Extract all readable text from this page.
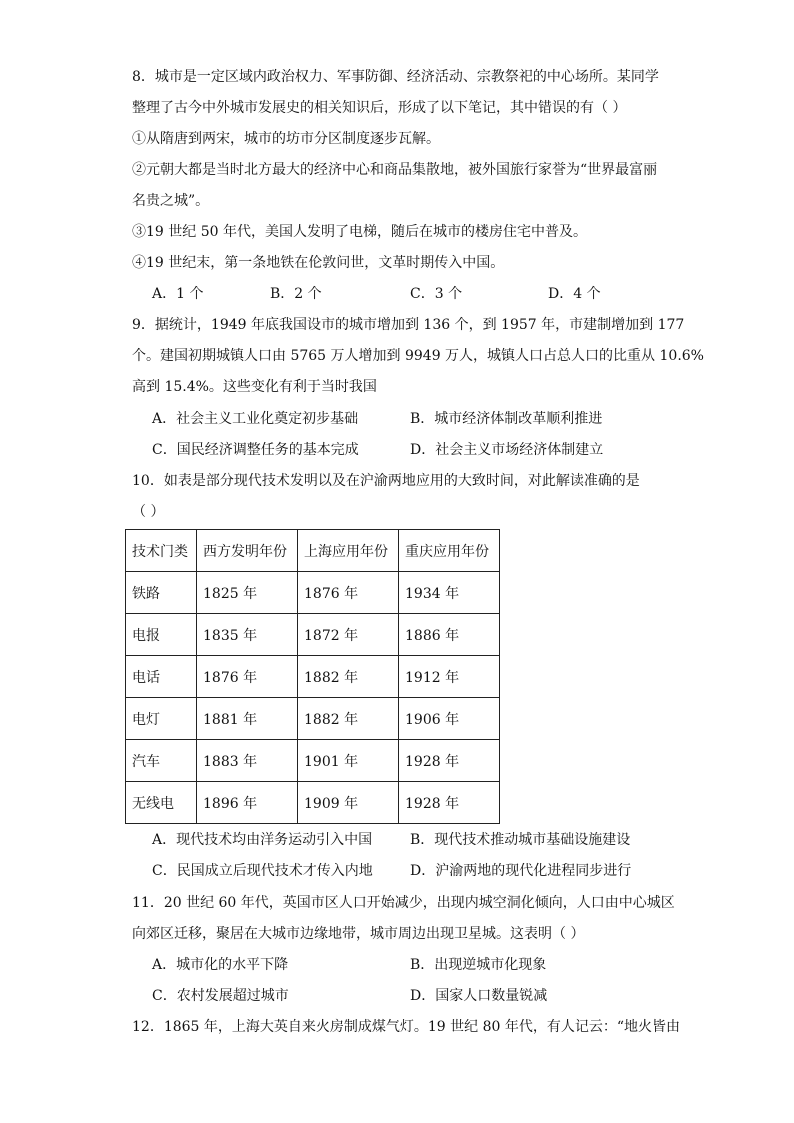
8．城市是一定区域内政治权力、军事防御、经济活动、宗教祭祀的中心场所。某同学
整理了古今中外城市发展史的相关知识后，形成了以下笔记，其中错误的有（ ）
①从隋唐到两宋，城市的坊市分区制度逐步瓦解。
②元朝大都是当时北方最大的经济中心和商品集散地，被外国旅行家誉为“世界最富丽
名贵之城”。
③19 世纪 50 年代，美国人发明了电梯，随后在城市的楼房住宅中普及。
④19 世纪末，第一条地铁在伦敦问世，文革时期传入中国。
A．1 个	B．2 个	C．3 个	D．4 个
9．据统计，1949 年底我国设市的城市增加到 136 个，到 1957 年，市建制增加到 177
个。建国初期城镇人口由 5765 万人增加到 9949 万人，城镇人口占总人口的比重从 10.6%
高到 15.4%。这些变化有利于当时我国
A．社会主义工业化奠定初步基础	B．城市经济体制改革顺利推进
C．国民经济调整任务的基本完成	D．社会主义市场经济体制建立
10．如表是部分现代技术发明以及在沪渝两地应用的大致时间，对此解读准确的是
（ ）
技术门类	西方发明年份	上海应用年份	重庆应用年份
铁路	1825 年	1876 年	1934 年
电报	1835 年	1872 年	1886 年
电话	1876 年	1882 年	1912 年
电灯	1881 年	1882 年	1906 年
汽车	1883 年	1901 年	1928 年
无线电	1896 年	1909 年	1928 年
A．现代技术均由洋务运动引入中国	B．现代技术推动城市基础设施建设
C．民国成立后现代技术才传入内地	D．沪渝两地的现代化进程同步进行
11．20 世纪 60 年代，英国市区人口开始减少，出现内城空洞化倾向，人口由中心城区
向郊区迁移，聚居在大城市边缘地带，城市周边出现卫星城。这表明（ ）
A．城市化的水平下降	B．出现逆城市化现象
C．农村发展超过城市	D．国家人口数量锐减
12．1865 年，上海大英自来火房制成煤气灯。19 世纪 80 年代，有人记云：“地火皆由
